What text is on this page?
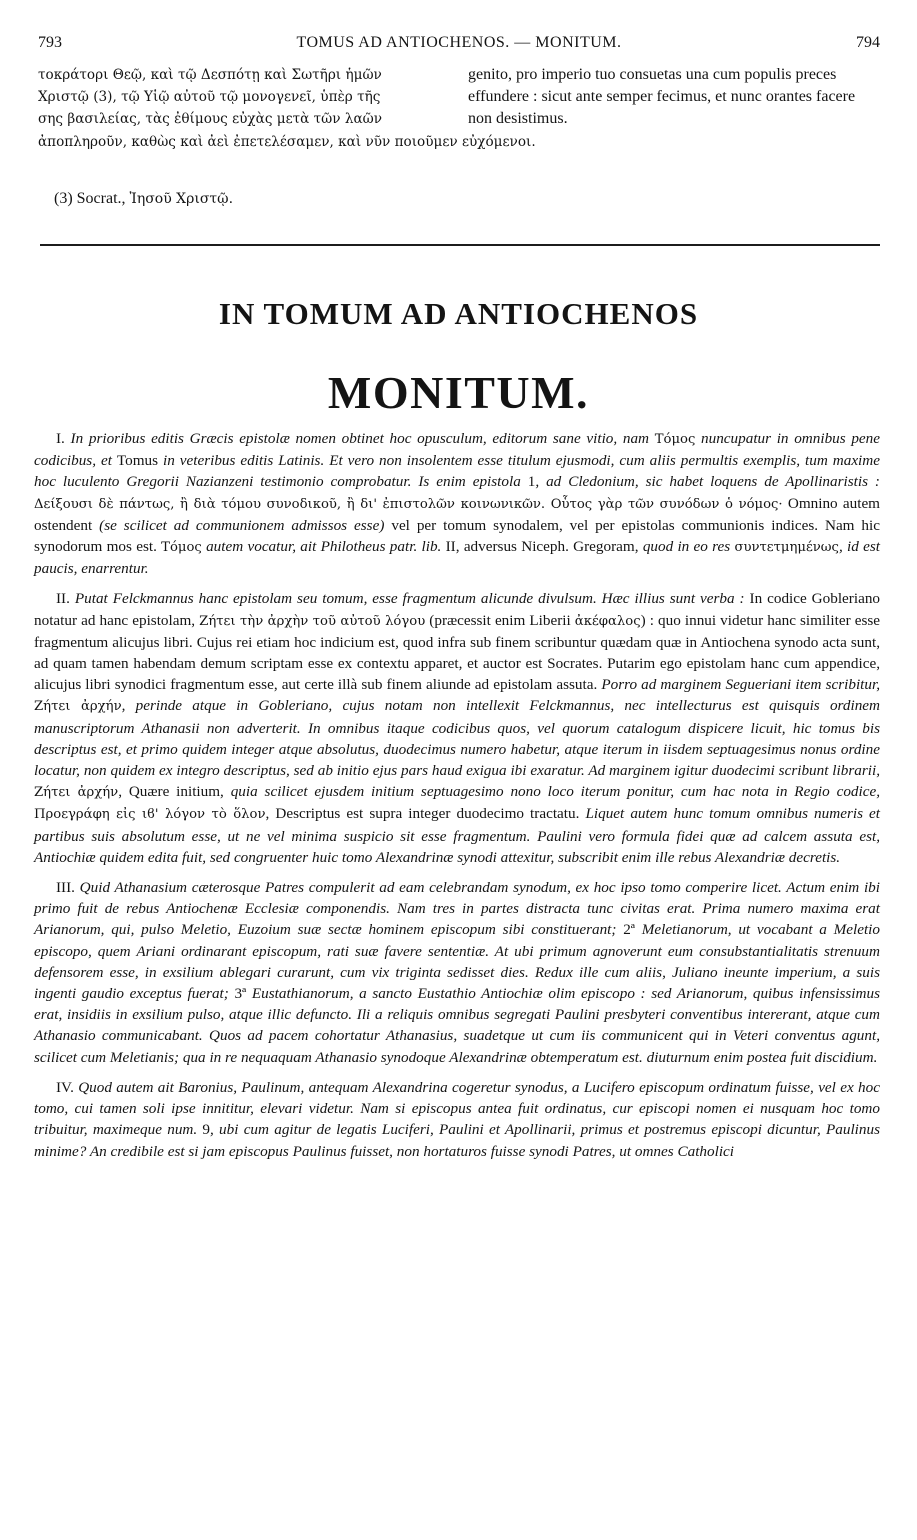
793	TOMUS AD ANTIOCHENOS. — MONITUM.	794
τοκράτορι Θεῷ, καὶ τῷ Δεσπότῃ καὶ Σωτῆρι ἡμῶν
Χριστῷ (3), τῷ Υἱῷ αὐτοῦ τῷ μονογενεῖ, ὑπὲρ τῆς
σης βασιλείας, τὰς ἐθίμους εὐχὰς μετὰ τῶν λαῶν
genito, pro imperio tuo consuetas una cum populis preces effundere : sicut ante semper fecimus, et nunc orantes facere non desistimus.
ἀποπληροῦν, καθὼς καὶ ἀεὶ ἐπετελέσαμεν, καὶ νῦν ποιοῦμεν εὐχόμενοι.
(3) Socrat., Ἰησοῦ Χριστῷ.
IN TOMUM AD ANTIOCHENOS
MONITUM.

I. In prioribus editis Græcis epistolæ nomen obtinet hoc opusculum, editorum sane vitio, nam Τόμος nuncupatur in omnibus pene codicibus, et Tomus in veteribus editis Latinis. Et vero non insolentem esse titulum ejusmodi, cum aliis permultis exemplis, tum maxime hoc luculento Gregorii Nazianzeni testimonio comprobatur. Is enim epistola 1, ad Cledonium, sic habet loquens de Apollinaristis : Δείξουσι δὲ πάντως, ἢ διὰ τόμου συνοδικοῦ, ἢ δι' ἐπιστολῶν κοινωνικῶν. Οὗτος γὰρ τῶν συνόδων ὁ νόμος· Omnino autem ostendent (se scilicet ad communionem admissos esse) vel per tomum synodalem, vel per epistolas communionis indices. Nam hic synodorum mos est. Τόμος autem vocatur, ait Philotheus patr. lib. II, adversus Niceph. Gregoram, quod in eo res συντετμημένως, id est paucis, enarrentur.

II. Putat Felckmannus hanc epistolam seu tomum, esse fragmentum alicunde divulsum. Hæc illius sunt verba : In codice Gobleriano notatur ad hanc epistolam, Ζήτει τὴν ἀρχὴν τοῦ αὐτοῦ λόγου (præcessit enim Liberii ἀκέφαλος) : quo innui videtur hanc similiter esse fragmentum alicujus libri. Cujus rei etiam hoc indicium est, quod infra sub finem scribuntur quædam quæ in Antiochena synodo acta sunt, ad quam tamen habendam demum scriptam esse ex contextu apparet, et auctor est Socrates. Putarim ego epistolam hanc cum appendice, alicujus libri synodici fragmentum esse, aut certe illà sub finem aliunde ad epistolam assuta. Porro ad marginem Segueriani item scribitur, Ζήτει ἀρχήν, perinde atque in Gobleriano, cujus notam non intellexit Felckmannus, nec intellecturus est quisquis ordinem manuscriptorum Athanasii non adverterit. In omnibus itaque codicibus quos, vel quorum catalogum dispicere licuit, hic tomus bis descriptus est, et primo quidem integer atque absolutus, duodecimus numero habetur, atque iterum in iisdem septuagesimus nonus ordine locatur, non quidem ex integro descriptus, sed ab initio ejus pars haud exigua ibi exaratur. Ad marginem igitur duodecimi scribunt librarii, Ζήτει ἀρχήν, Quære initium, quia scilicet ejusdem initium septuagesimo nono loco iterum ponitur, cum hac nota in Regio codice, Προεγράφη εἰς ιϐ' λόγον τὸ ὅλον, Descriptus est supra integer duodecimo tractatu. Liquet autem hunc tomum omnibus numeris et partibus suis absolutum esse, ut ne vel minima suspicio sit esse fragmentum. Paulini vero formula fidei quæ ad calcem assuta est, Antiochiæ quidem edita fuit, sed congruenter huic tomo Alexandrinæ synodi attexitur, subscribit enim ille rebus Alexandriæ decretis.

III. Quid Athanasium cæterosque Patres compulerit ad eam celebrandam synodum, ex hoc ipso tomo comperire licet. Actum enim ibi primo fuit de rebus Antiochenæ Ecclesiæ componendis. Nam tres in partes distracta tunc civitas erat. Prima numero maxima erat Arianorum, qui, pulso Meletio, Euzoium suæ sectæ hominem episcopum sibi constituerant; 2ª Meletianorum, ut vocabant a Meletio episcopo, quem Ariani ordinarant episcopum, rati suæ favere sententiæ. At ubi primum agnoverunt eum consubstantialitatis strenuum defensorem esse, in exsilium ablegari curarunt, cum vix triginta sedisset dies. Redux ille cum aliis, Juliano ineunte imperium, a suis ingenti gaudio exceptus fuerat; 3ª Eustathianorum, a sancto Eustathio Antiochiæ olim episcopo : sed Arianorum, quibus infensissimus erat, insidiis in exsilium pulso, atque illic defuncto. Ili a reliquis omnibus segregati Paulini presbyteri conventibus intererant, atque cum Athanasio communicabant. Quos ad pacem cohortatur Athanasius, suadetque ut cum iis communicent qui in Veteri conventus agunt, scilicet cum Meletianis; qua in re nequaquam Athanasio synodoque Alexandrinæ obtemperatum est. diuturnum enim postea fuit discidium.

IV. Quod autem ait Baronius, Paulinum, antequam Alexandrina cogeretur synodus, a Lucifero episcopum ordinatum fuisse, vel ex hoc tomo, cui tamen soli ipse innititur, elevari videtur. Nam si episcopus antea fuit ordinatus, cur episcopi nomen ei nusquam hoc tomo tribuitur, maximeque num. 9, ubi cum agitur de legatis Luciferi, Paulini et Apollinarii, primus et postremus episcopi dicuntur, Paulinus minime? An credibile est si jam episcopus Paulinus fuisset, non hortaturos fuisse synodi Patres, ut omnes Catholici
